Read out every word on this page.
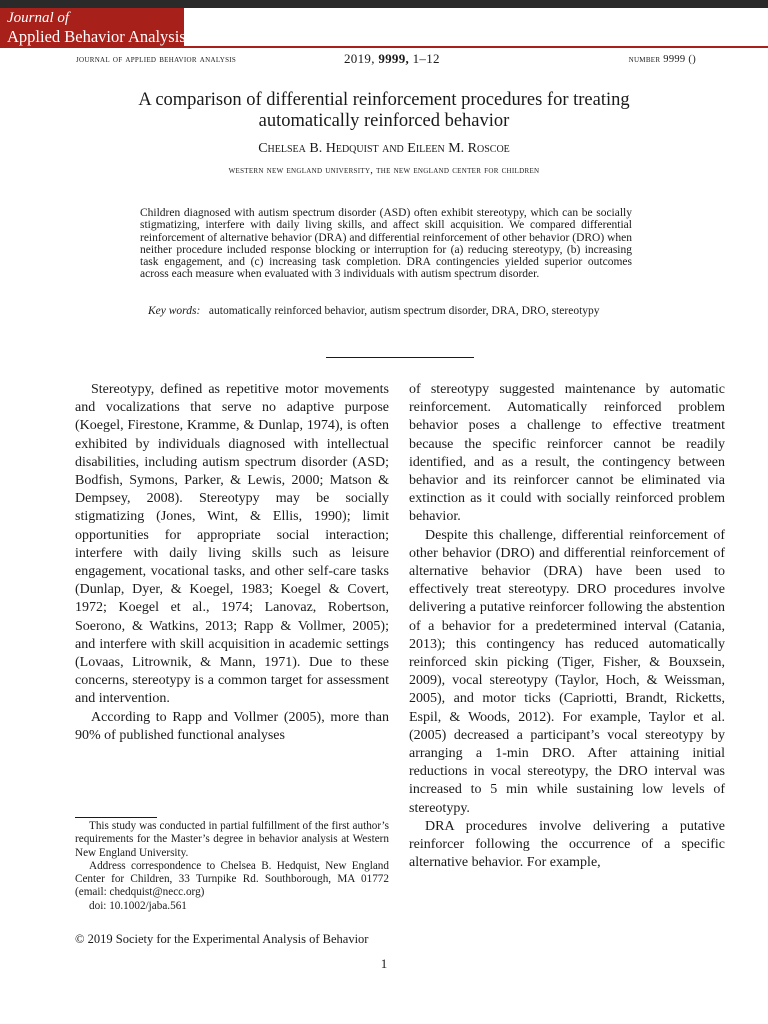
Journal of
Applied Behavior Analysis
journal of applied behavior analysis	2019, 9999, 1–12	number 9999 ()
A comparison of differential reinforcement procedures for treating automatically reinforced behavior
Chelsea B. Hedquist and Eileen M. Roscoe
western new england university, the new england center for children

Children diagnosed with autism spectrum disorder (ASD) often exhibit stereotypy, which can be socially stigmatizing, interfere with daily living skills, and affect skill acquisition. We compared differential reinforcement of alternative behavior (DRA) and differential reinforcement of other behavior (DRO) when neither procedure included response blocking or interruption for (a) reducing stereotypy, (b) increasing task engagement, and (c) increasing task completion. DRA contingencies yielded superior outcomes across each measure when evaluated with 3 individuals with autism spectrum disorder.

Key words: automatically reinforced behavior, autism spectrum disorder, DRA, DRO, stereotypy

Stereotypy, defined as repetitive motor movements and vocalizations that serve no adaptive purpose (Koegel, Firestone, Kramme, & Dunlap, 1974), is often exhibited by individuals diagnosed with intellectual disabilities, including autism spectrum disorder (ASD; Bodfish, Symons, Parker, & Lewis, 2000; Matson & Dempsey, 2008). Stereotypy may be socially stigmatizing (Jones, Wint, & Ellis, 1990); limit opportunities for appropriate social interaction; interfere with daily living skills such as leisure engagement, vocational tasks, and other self-care tasks (Dunlap, Dyer, & Koegel, 1983; Koegel & Covert, 1972; Koegel et al., 1974; Lanovaz, Robertson, Soerono, & Watkins, 2013; Rapp & Vollmer, 2005); and interfere with skill acquisition in academic settings (Lovaas, Litrownik, & Mann, 1971). Due to these concerns, stereotypy is a common target for assessment and intervention.

According to Rapp and Vollmer (2005), more than 90% of published functional analyses

of stereotypy suggested maintenance by automatic reinforcement. Automatically reinforced problem behavior poses a challenge to effective treatment because the specific reinforcer cannot be readily identified, and as a result, the contingency between behavior and its reinforcer cannot be eliminated via extinction as it could with socially reinforced problem behavior.

Despite this challenge, differential reinforcement of other behavior (DRO) and differential reinforcement of alternative behavior (DRA) have been used to effectively treat stereotypy. DRO procedures involve delivering a putative reinforcer following the abstention of a behavior for a predetermined interval (Catania, 2013); this contingency has reduced automatically reinforced skin picking (Tiger, Fisher, & Bouxsein, 2009), vocal stereotypy (Taylor, Hoch, & Weissman, 2005), and motor ticks (Capriotti, Brandt, Ricketts, Espil, & Woods, 2012). For example, Taylor et al. (2005) decreased a participant’s vocal stereotypy by arranging a 1-min DRO. After attaining initial reductions in vocal stereotypy, the DRO interval was increased to 5 min while sustaining low levels of stereotypy.

DRA procedures involve delivering a putative reinforcer following the occurrence of a specific alternative behavior. For example,

This study was conducted in partial fulfillment of the first author’s requirements for the Master’s degree in behavior analysis at Western New England University.

Address correspondence to Chelsea B. Hedquist, New England Center for Children, 33 Turnpike Rd. Southborough, MA 01772 (email: chedquist@necc.org)

doi: 10.1002/jaba.561

© 2019 Society for the Experimental Analysis of Behavior
1
